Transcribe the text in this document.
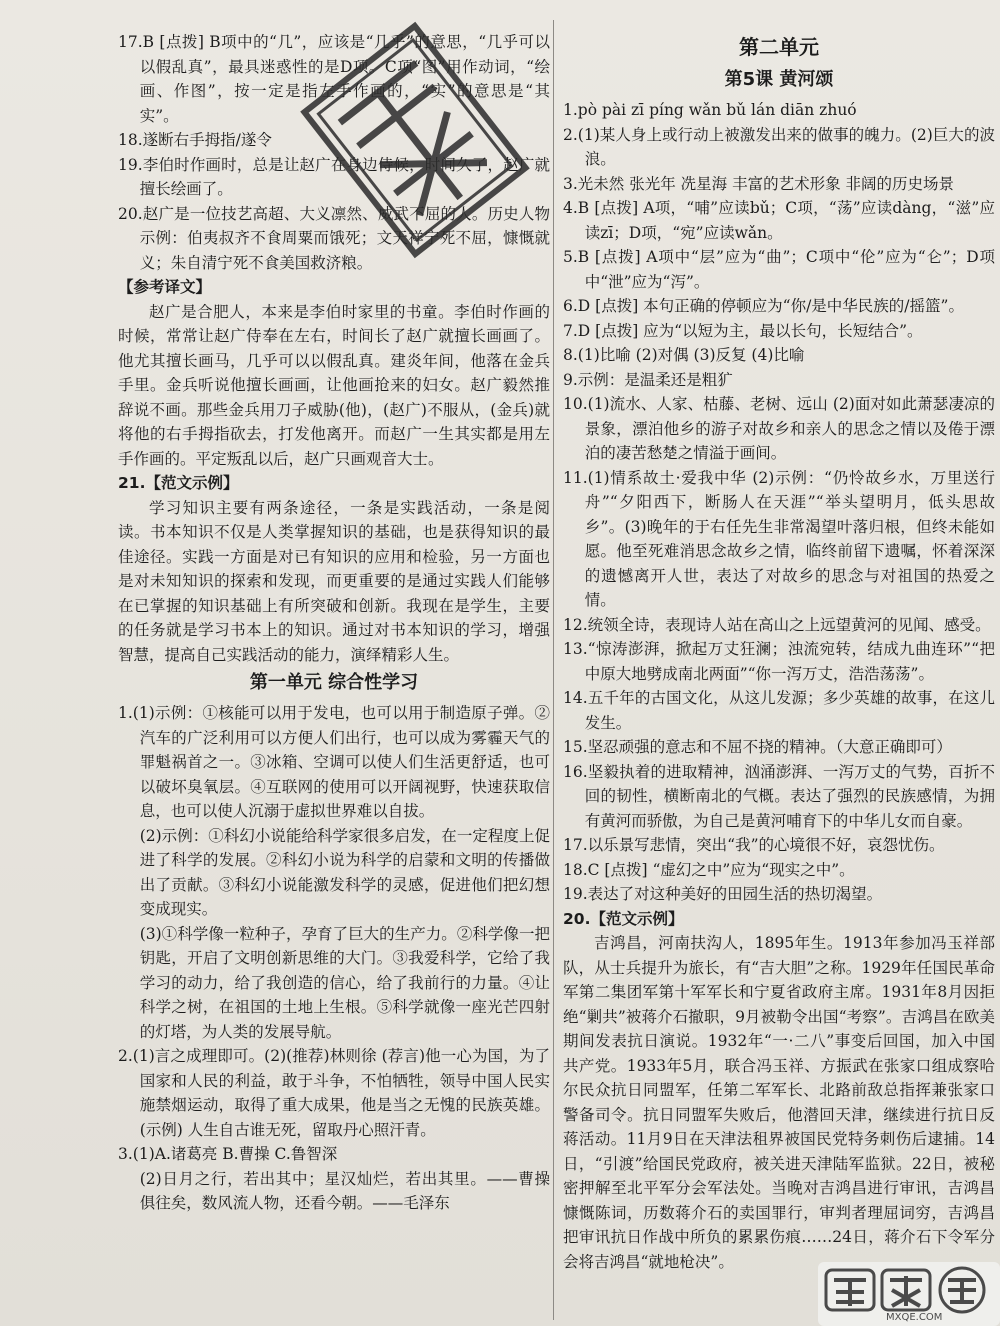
17.B [点拨] B项中的“几”，应该是“几乎”的意思，“几乎可以以假乱真”，最具迷惑性的是D项。C项“图”用作动词，“绘画、作图”，按一定是指左手作画的，“实”的意思是“其实”。

18.遂断右手拇指/遂令

19.李伯时作画时，总是让赵广在身边侍候，时间久了，赵广就擅长绘画了。

20.赵广是一位技艺高超、大义凛然、威武不屈的人。历史人物示例：伯夷叔齐不食周粟而饿死；文天祥宁死不屈，慷慨就义；朱自清宁死不食美国救济粮。

【参考译文】

赵广是合肥人，本来是李伯时家里的书童。李伯时作画的时候，常常让赵广侍奉在左右，时间长了赵广就擅长画画了。他尤其擅长画马，几乎可以以假乱真。建炎年间，他落在金兵手里。金兵听说他擅长画画，让他画抢来的妇女。赵广毅然推辞说不画。那些金兵用刀子威胁(他)，(赵广)不服从，(金兵)就将他的右手拇指砍去，打发他离开。而赵广一生其实都是用左手作画的。平定叛乱以后，赵广只画观音大士。

21.【范文示例】

学习知识主要有两条途径，一条是实践活动，一条是阅读。书本知识不仅是人类掌握知识的基础，也是获得知识的最佳途径。实践一方面是对已有知识的应用和检验，另一方面也是对未知知识的探索和发现，而更重要的是通过实践人们能够在已掌握的知识基础上有所突破和创新。我现在是学生，主要的任务就是学习书本上的知识。通过对书本知识的学习，增强智慧，提高自己实践活动的能力，演绎精彩人生。

第一单元 综合性学习

1.(1)示例：①核能可以用于发电，也可以用于制造原子弹。②汽车的广泛利用可以方便人们出行，也可以成为雾霾天气的罪魁祸首之一。③冰箱、空调可以使人们生活更舒适，也可以破坏臭氧层。④互联网的使用可以开阔视野，快速获取信息，也可以使人沉溺于虚拟世界难以自拔。

(2)示例：①科幻小说能给科学家很多启发，在一定程度上促进了科学的发展。②科幻小说为科学的启蒙和文明的传播做出了贡献。③科幻小说能激发科学的灵感，促进他们把幻想变成现实。

(3)①科学像一粒种子，孕育了巨大的生产力。②科学像一把钥匙，开启了文明创新思维的大门。③我爱科学，它给了我学习的动力，给了我创造的信心，给了我前行的力量。④让科学之树，在祖国的土地上生根。⑤科学就像一座光芒四射的灯塔，为人类的发展导航。

2.(1)言之成理即可。(2)(推荐)林则徐 (荐言)他一心为国，为了国家和人民的利益，敢于斗争，不怕牺牲，领导中国人民实施禁烟运动，取得了重大成果，他是当之无愧的民族英雄。(示例) 人生自古谁无死，留取丹心照汗青。

3.(1)A.诸葛亮 B.曹操 C.鲁智深

(2)日月之行，若出其中；星汉灿烂，若出其里。——曹操 俱往矣，数风流人物，还看今朝。——毛泽东

第二单元
第5课 黄河颂

1.pò pài zī píng wǎn bǔ lán diān zhuó

2.(1)某人身上或行动上被激发出来的做事的魄力。(2)巨大的波浪。

3.光未然 张光年 冼星海 丰富的艺术形象 非阔的历史场景

4.B [点拨] A项，“哺”应读bǔ；C项，“荡”应读dàng，“滋”应读zī；D项，“宛”应读wǎn。

5.B [点拨] A项中“层”应为“曲”；C项中“伦”应为“仑”；D项中“泄”应为“泻”。

6.D [点拨] 本句正确的停顿应为“你/是中华民族的/摇篮”。

7.D [点拨] 应为“以短为主，最以长句，长短结合”。

8.(1)比喻 (2)对偶 (3)反复 (4)比喻

9.示例：是温柔还是粗犷

10.(1)流水、人家、枯藤、老树、远山 (2)面对如此萧瑟凄凉的景象，漂泊他乡的游子对故乡和亲人的思念之情以及倦于漂泊的凄苦愁楚之情溢于画间。

11.(1)情系故土·爱我中华 (2)示例：“仍怜故乡水，万里送行舟”“夕阳西下，断肠人在天涯”“举头望明月，低头思故乡”。(3)晚年的于右任先生非常渴望叶落归根，但终未能如愿。他至死难消思念故乡之情，临终前留下遗嘱，怀着深深的遗憾离开人世，表达了对故乡的思念与对祖国的热爱之情。

12.统领全诗，表现诗人站在高山之上远望黄河的见闻、感受。

13.“惊涛澎湃，掀起万丈狂澜；浊流宛转，结成九曲连环”“把中原大地劈成南北两面”“你一泻万丈，浩浩荡荡”。

14.五千年的古国文化，从这儿发源；多少英雄的故事，在这儿发生。

15.坚忍顽强的意志和不屈不挠的精神。（大意正确即可）

16.坚毅执着的进取精神，汹涌澎湃、一泻万丈的气势，百折不回的韧性，横断南北的气概。表达了强烈的民族感情，为拥有黄河而骄傲，为自己是黄河哺育下的中华儿女而自豪。

17.以乐景写悲情，突出“我”的心境很不好，哀怨忧伤。

18.C [点拨] “虚幻之中”应为“现实之中”。

19.表达了对这种美好的田园生活的热切渴望。

20.【范文示例】

吉鸿昌，河南扶沟人，1895年生。1913年参加冯玉祥部队，从士兵提升为旅长，有“吉大胆”之称。1929年任国民革命军第二集团军第十军军长和宁夏省政府主席。1931年8月因拒绝“剿共”被蒋介石撤职，9月被勒令出国“考察”。吉鸿昌在欧美期间发表抗日演说。1932年“一·二八”事变后回国，加入中国共产党。1933年5月，联合冯玉祥、方振武在张家口组成察哈尔民众抗日同盟军，任第二军军长、北路前敌总指挥兼张家口警备司令。抗日同盟军失败后，他潜回天津，继续进行抗日反蒋活动。11月9日在天津法租界被国民党特务刺伤后逮捕。14日，“引渡”给国民党政府，被关进天津陆军监狱。22日，被秘密押解至北平军分会军法处。当晚对吉鸿昌进行审讯，吉鸿昌慷慨陈词，历数蒋介石的卖国罪行，审判者理屈词穷，吉鸿昌把审讯抗日作战中所负的累累伤痕……24日，蒋介石下令军分会将吉鸿昌“就地枪决”。

MXQE.COM
